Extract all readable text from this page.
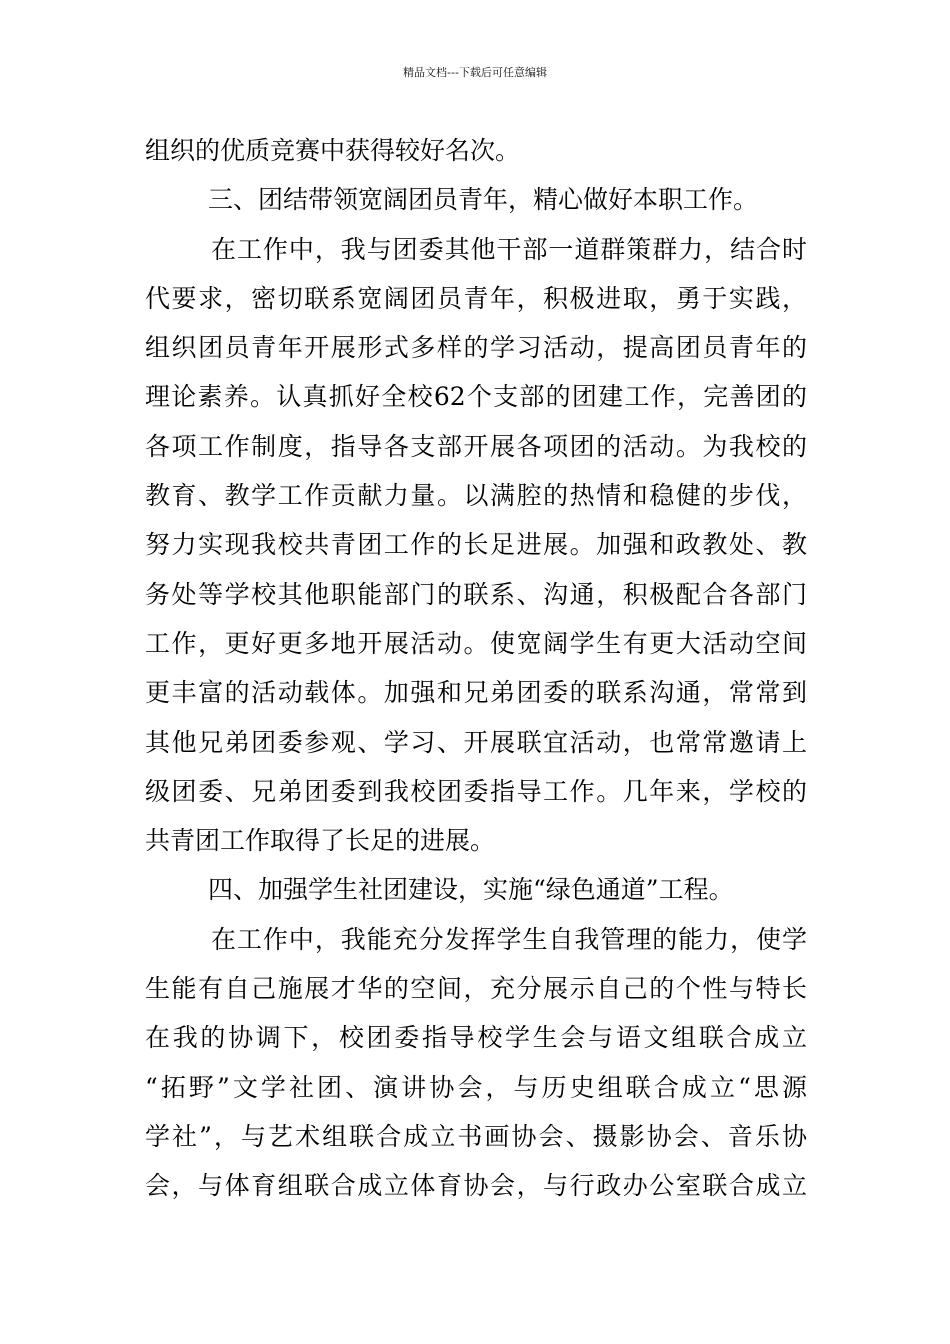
精品文档---下载后可任意编辑
组织的优质竞赛中获得较好名次。
三、团结带领宽阔团员青年，精心做好本职工作。
在工作中，我与团委其他干部一道群策群力，结合时
代要求，密切联系宽阔团员青年，积极进取，勇于实践，
组织团员青年开展形式多样的学习活动，提高团员青年的
理论素养。认真抓好全校62个支部的团建工作，完善团的
各项工作制度，指导各支部开展各项团的活动。为我校的
教育、教学工作贡献力量。以满腔的热情和稳健的步伐，
努力实现我校共青团工作的长足进展。加强和政教处、教
务处等学校其他职能部门的联系、沟通，积极配合各部门
工作，更好更多地开展活动。使宽阔学生有更大活动空间
更丰富的活动载体。加强和兄弟团委的联系沟通，常常到
其他兄弟团委参观、学习、开展联宜活动，也常常邀请上
级团委、兄弟团委到我校团委指导工作。几年来，学校的
共青团工作取得了长足的进展。
四、加强学生社团建设，实施“绿色通道”工程。
在工作中，我能充分发挥学生自我管理的能力，使学
生能有自己施展才华的空间，充分展示自己的个性与特长
在我的协调下，校团委指导校学生会与语文组联合成立
“拓野”文学社团、演讲协会，与历史组联合成立“思源
学社”，与艺术组联合成立书画协会、摄影协会、音乐协
会，与体育组联合成立体育协会，与行政办公室联合成立
